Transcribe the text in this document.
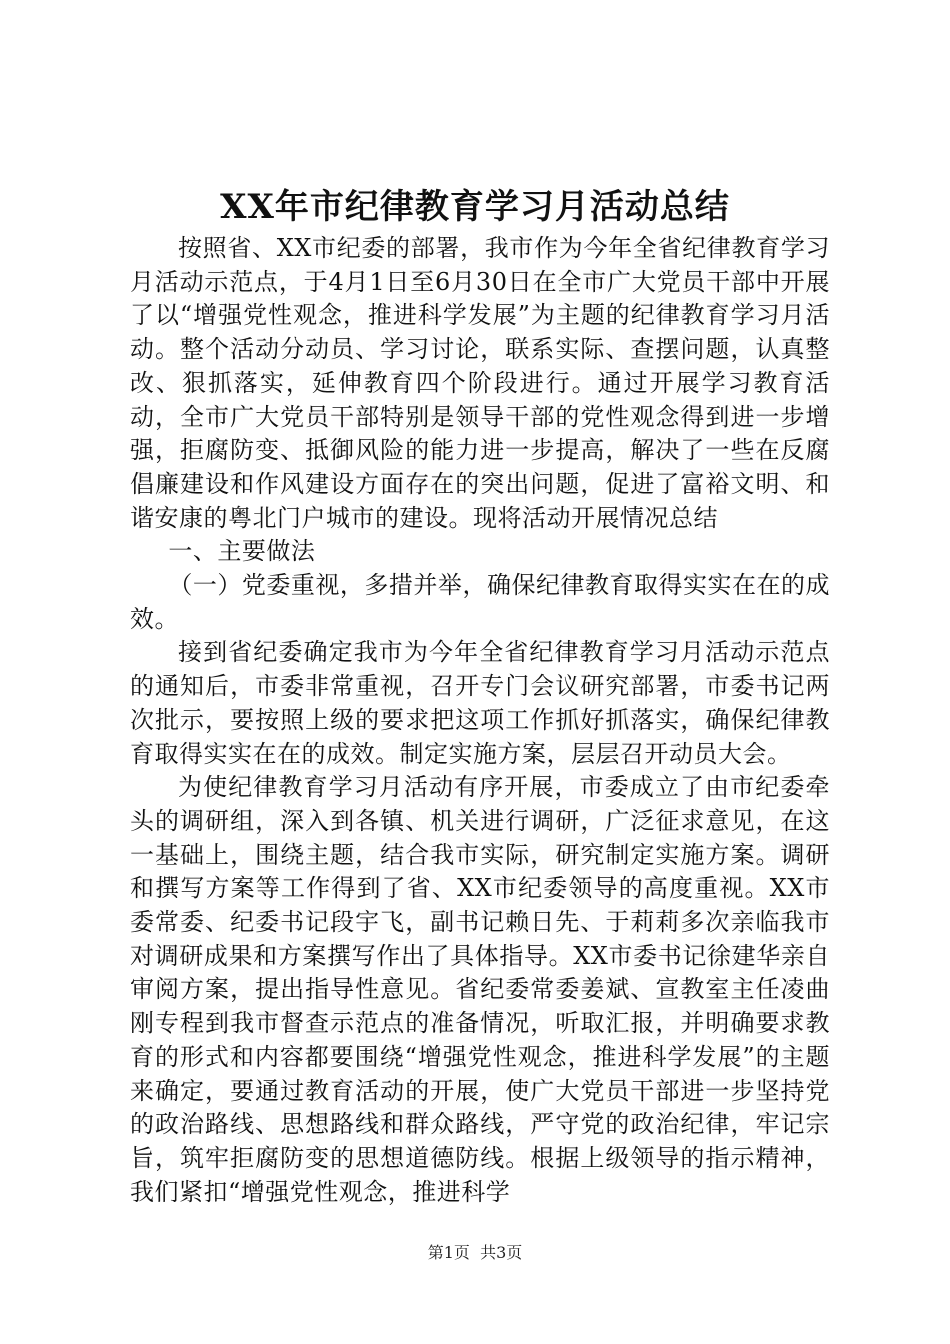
XX年市纪律教育学习月活动总结

按照省、XX市纪委的部署，我市作为今年全省纪律教育学习月活动示范点，于4月1日至6月30日在全市广大党员干部中开展了以“增强党性观念，推进科学发展”为主题的纪律教育学习月活动。整个活动分动员、学习讨论，联系实际、查摆问题，认真整改、狠抓落实，延伸教育四个阶段进行。通过开展学习教育活动，全市广大党员干部特别是领导干部的党性观念得到进一步增强，拒腐防变、抵御风险的能力进一步提高，解决了一些在反腐倡廉建设和作风建设方面存在的突出问题，促进了富裕文明、和谐安康的粤北门户城市的建设。现将活动开展情况总结

一、主要做法

（一）党委重视，多措并举，确保纪律教育取得实实在在的成效。

接到省纪委确定我市为今年全省纪律教育学习月活动示范点的通知后，市委非常重视，召开专门会议研究部署，市委书记两次批示，要按照上级的要求把这项工作抓好抓落实，确保纪律教育取得实实在在的成效。制定实施方案，层层召开动员大会。

为使纪律教育学习月活动有序开展，市委成立了由市纪委牵头的调研组，深入到各镇、机关进行调研，广泛征求意见，在这一基础上，围绕主题，结合我市实际，研究制定实施方案。调研和撰写方案等工作得到了省、XX市纪委领导的高度重视。XX市委常委、纪委书记段宇飞，副书记赖日先、于莉莉多次亲临我市对调研成果和方案撰写作出了具体指导。XX市委书记徐建华亲自审阅方案，提出指导性意见。省纪委常委姜斌、宣教室主任凌曲刚专程到我市督查示范点的准备情况，听取汇报，并明确要求教育的形式和内容都要围绕“增强党性观念，推进科学发展”的主题来确定，要通过教育活动的开展，使广大党员干部进一步坚持党的政治路线、思想路线和群众路线，严守党的政治纪律，牢记宗旨，筑牢拒腐防变的思想道德防线。根据上级领导的指示精神，我们紧扣“增强党性观念，推进科学

第1页 共3页
